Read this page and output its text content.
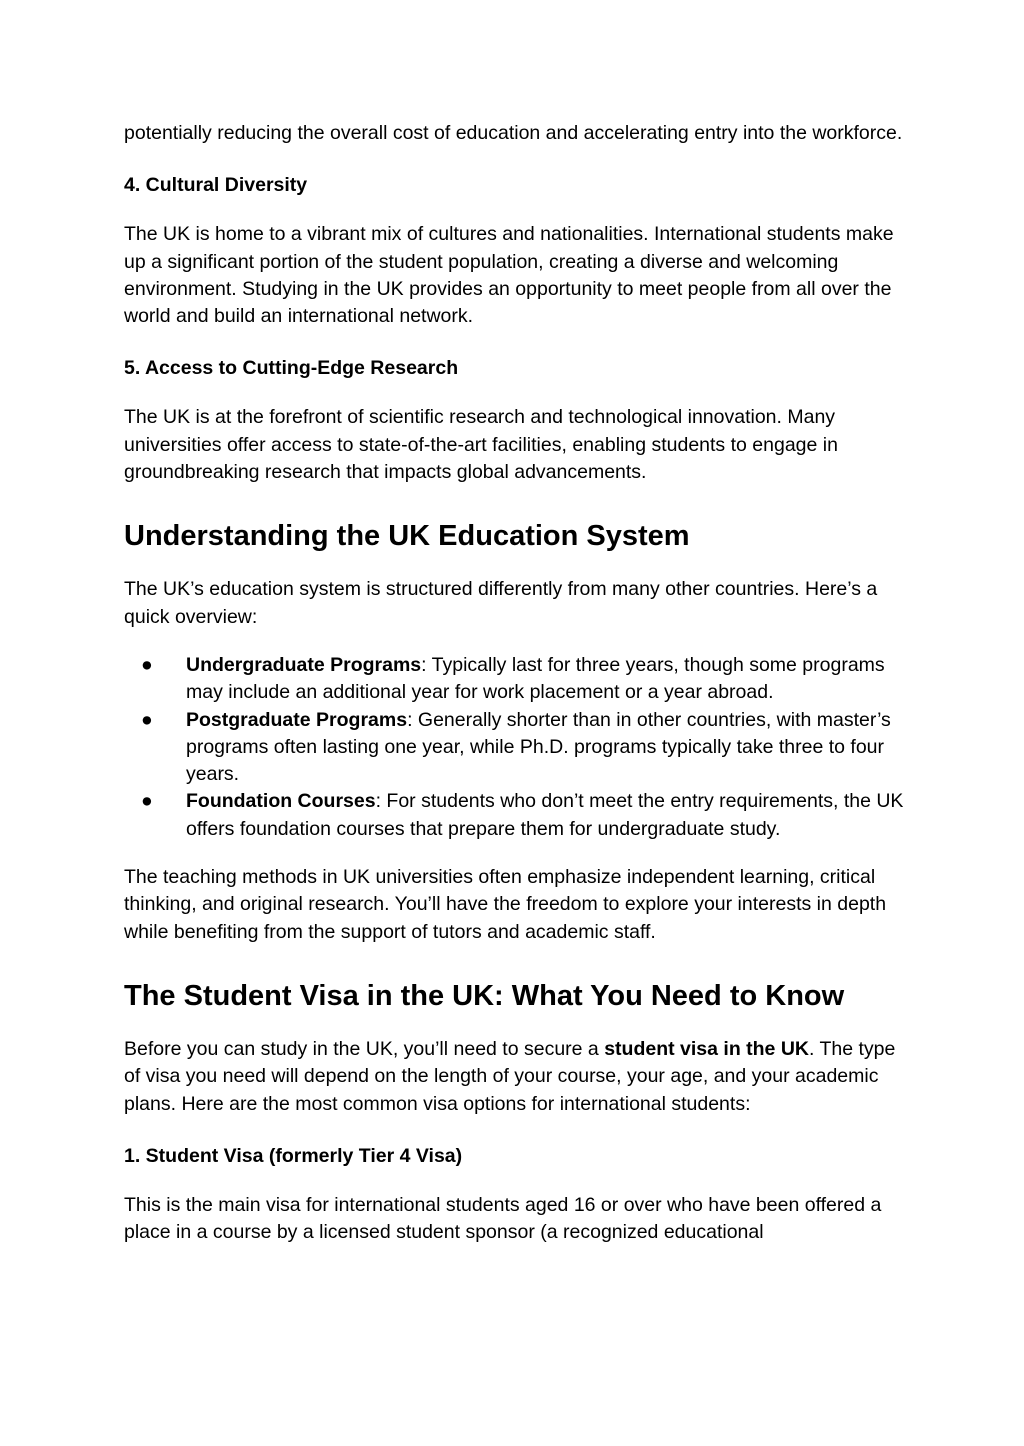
potentially reducing the overall cost of education and accelerating entry into the workforce.

4. Cultural Diversity

The UK is home to a vibrant mix of cultures and nationalities. International students make up a significant portion of the student population, creating a diverse and welcoming environment. Studying in the UK provides an opportunity to meet people from all over the world and build an international network.

5. Access to Cutting-Edge Research

The UK is at the forefront of scientific research and technological innovation. Many universities offer access to state-of-the-art facilities, enabling students to engage in groundbreaking research that impacts global advancements.

Understanding the UK Education System

The UK’s education system is structured differently from many other countries. Here’s a quick overview:

● Undergraduate Programs: Typically last for three years, though some programs may include an additional year for work placement or a year abroad.
● Postgraduate Programs: Generally shorter than in other countries, with master’s programs often lasting one year, while Ph.D. programs typically take three to four years.
● Foundation Courses: For students who don’t meet the entry requirements, the UK offers foundation courses that prepare them for undergraduate study.

The teaching methods in UK universities often emphasize independent learning, critical thinking, and original research. You’ll have the freedom to explore your interests in depth while benefiting from the support of tutors and academic staff.

The Student Visa in the UK: What You Need to Know

Before you can study in the UK, you’ll need to secure a student visa in the UK. The type of visa you need will depend on the length of your course, your age, and your academic plans. Here are the most common visa options for international students:

1. Student Visa (formerly Tier 4 Visa)

This is the main visa for international students aged 16 or over who have been offered a place in a course by a licensed student sponsor (a recognized educational
